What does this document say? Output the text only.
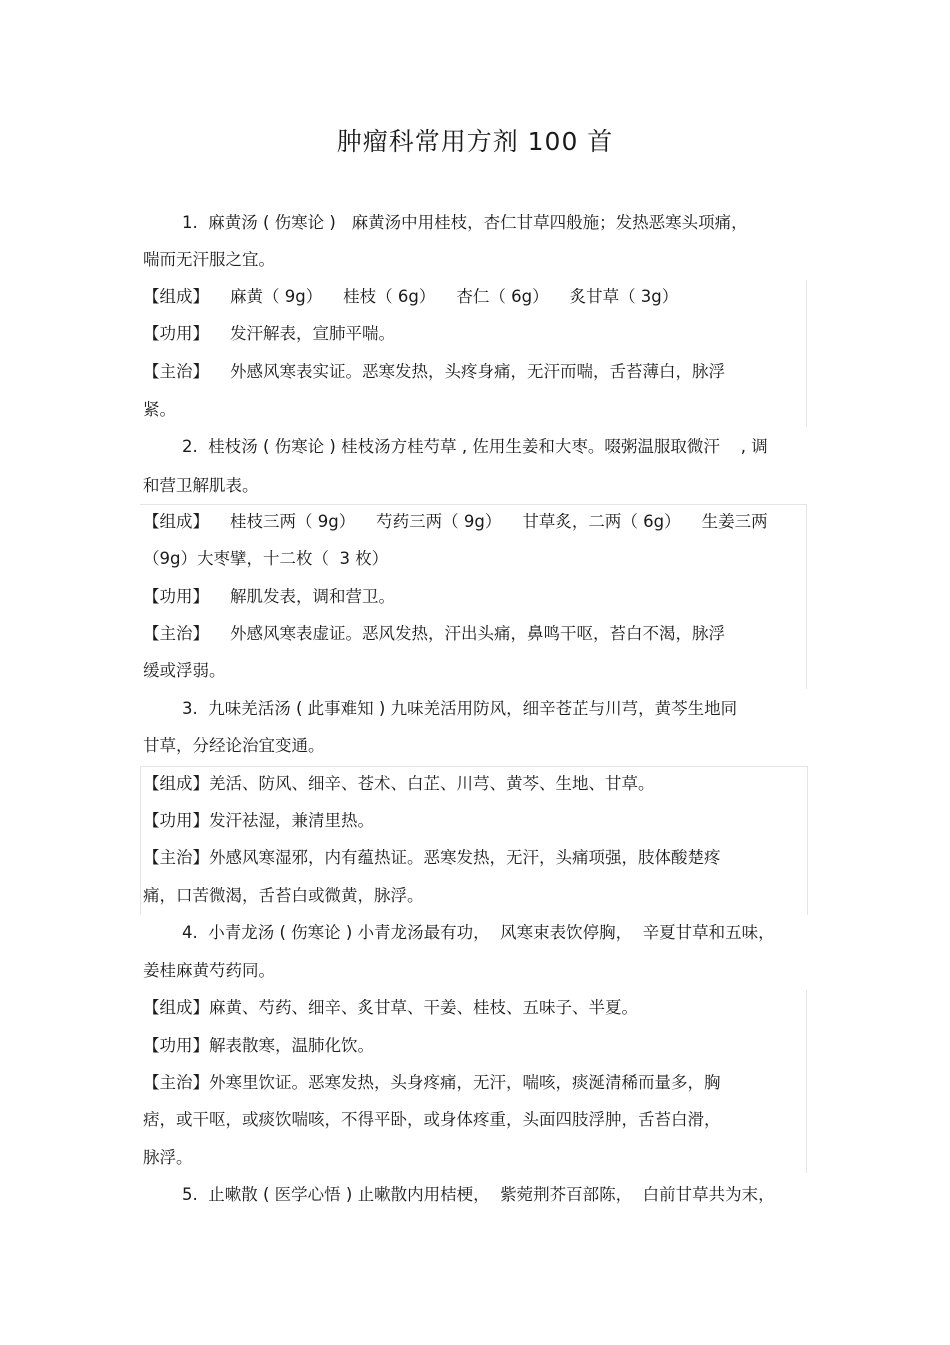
肿瘤科常用方剂 100 首
1.  麻黄汤 ( 伤寒论 )   麻黄汤中用桂枝，杏仁甘草四般施；发热恶寒头项痛，
喘而无汗服之宜。
【组成】    麻黄（ 9g）    桂枝（ 6g）    杏仁（ 6g）    炙甘草（ 3g）
【功用】    发汗解表，宣肺平喘。
【主治】    外感风寒表实证。恶寒发热，头疼身痛，无汗而喘，舌苔薄白，脉浮
紧。
2.  桂枝汤 ( 伤寒论 ) 桂枝汤方桂芍草 , 佐用生姜和大枣。啜粥温服取微汗    , 调
和营卫解肌表。
【组成】    桂枝三两（ 9g）    芍药三两（ 9g）    甘草炙，二两（ 6g）    生姜三两
（9g）大枣擘，十二枚（  3 枚）
【功用】    解肌发表，调和营卫。
【主治】    外感风寒表虚证。恶风发热，汗出头痛，鼻鸣干呕，苔白不渴，脉浮
缓或浮弱。
3.  九味羌活汤 ( 此事难知 ) 九味羌活用防风，细辛苍芷与川芎，黄芩生地同
甘草，分经论治宜变通。
【组成】羌活、防风、细辛、苍术、白芷、川芎、黄芩、生地、甘草。
【功用】发汗祛湿，兼清里热。
【主治】外感风寒湿邪，内有蕴热证。恶寒发热，无汗，头痛项强，肢体酸楚疼
痛，口苦微渴，舌苔白或微黄，脉浮。
4.  小青龙汤 ( 伤寒论 ) 小青龙汤最有功，  风寒束表饮停胸，  辛夏甘草和五味，
姜桂麻黄芍药同。
【组成】麻黄、芍药、细辛、炙甘草、干姜、桂枝、五味子、半夏。
【功用】解表散寒，温肺化饮。
【主治】外寒里饮证。恶寒发热，头身疼痛，无汗，喘咳，痰涎清稀而量多，胸
痞，或干呕，或痰饮喘咳，不得平卧，或身体疼重，头面四肢浮肿，舌苔白滑，
脉浮。
5.  止嗽散 ( 医学心悟 ) 止嗽散内用桔梗，  紫菀荆芥百部陈，  白前甘草共为末，
